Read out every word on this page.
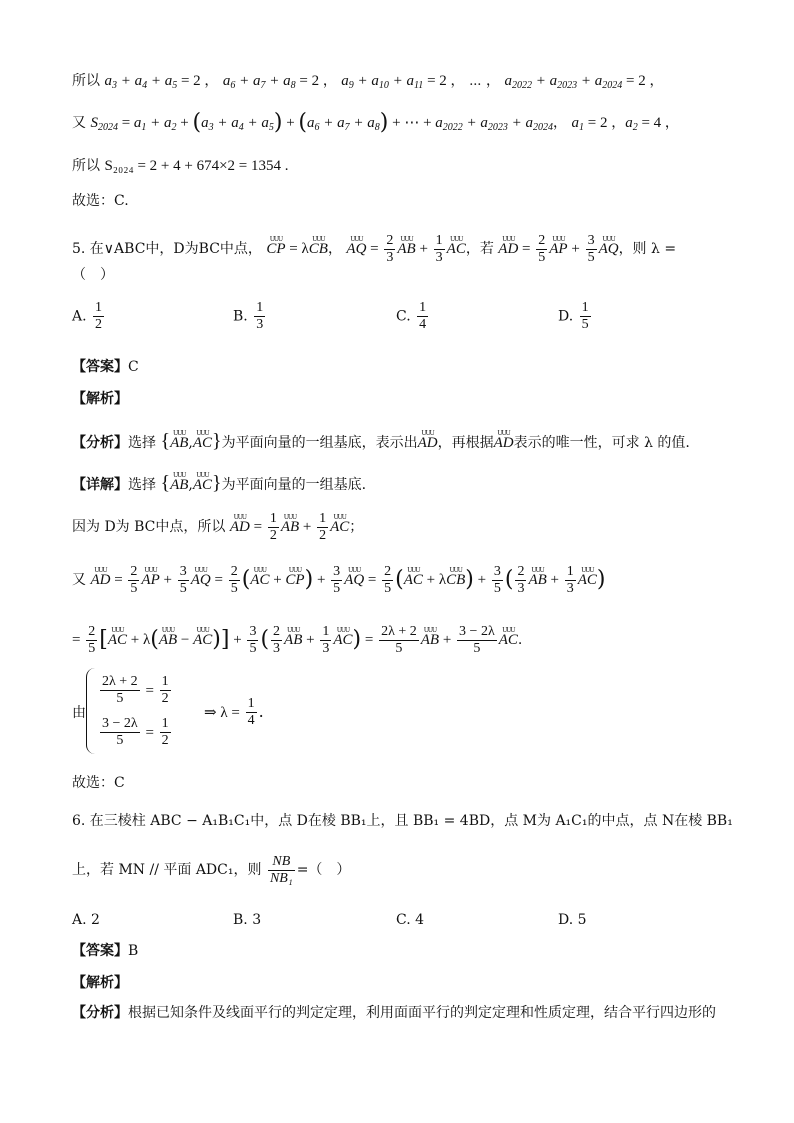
所以 $a_3 + a_4 + a_5 = 2$ ， $a_6 + a_7 + a_8 = 2$ ， $a_9 + a_{10} + a_{11} = 2$ ， ⋯ ， $a_{2022} + a_{2023} + a_{2024} = 2$ ，
又 $S_{2024} = a_1 + a_2 + (a_3 + a_4 + a_5) + (a_6 + a_7 + a_8)$ + ⋯ + $a_{2022} + a_{2023} + a_{2024}$， $a_1 = 2$ ，$a_2 = 4$ ，
所以 S₂₀₂₄ = 2 + 4 + 674×2 = 1354 .
故选：C.
5. 在∨ABC中，D为BC中点， UUU CP = λUUU CB， UUU AQ = $\frac{2}{3}$ UUU AB + $\frac{1}{3}$ UUU AC，若 UUU AD = $\frac{2}{5}$ UUU AP + $\frac{3}{5}$ UUU AQ，则 λ =
（　）
A. $\frac{1}{2}$	B. $\frac{1}{3}$	C. $\frac{1}{4}$	D. $\frac{1}{5}$
【答案】C
【解析】
【分析】选择 {UUU AB,UUU AC}为平面向量的一组基底，表示出UUU AD，再根据UUU AD表示的唯一性，可求 λ 的值.
【详解】选择 {UUU AB,UUU AC}为平面向量的一组基底.
因为 D为 BC中点，所以 UUU AD = $\frac{1}{2}$ UUU AB + $\frac{1}{2}$ UUU AC；
又 UUU AD = $\frac{2}{5}$ UUU AP + $\frac{3}{5}$ UUU AQ = $\frac{2}{5} (UUU$ AC + UUU $CP) + \frac{3}{5}$ UUU AQ = $\frac{2}{5} (UUU$ AC + λUUU $CB) + \frac{3}{5}$ ( $\frac{2}{3}$ UUU AB + $\frac{1}{3}$ UUU AC)
= $\frac{2}{5} [UUU$ AC + λ(UUU AB − UUU $AC)] + \frac{3}{5}$ ( $\frac{2}{3}$ UUU AB + $\frac{1}{3}$ UUU $AC) = \frac{2\lambda + 2}{5}$ UUU AB + $\frac{3 - 2\lambda}{5}$ UUU AC.
由
$\frac{2\lambda + 2}{5} = \frac{1}{2}$
$\frac{3 - 2\lambda}{5} = \frac{1}{2}$
⇒ $\lambda = \frac{1}{4}$ .
故选：C
6. 在三棱柱 ABC − A₁B₁C₁中，点 D在棱 BB₁上，且 BB₁ = 4BD，点 M为 A₁C₁的中点，点 N在棱 BB₁
上，若 MN // 平面 ADC₁，则 $\frac{NB}{\text{NB₁}}$ =（　）
A. 2	B. 3	C. 4	D. 5
【答案】B
【解析】
【分析】根据已知条件及线面平行的判定定理，利用面面平行的判定定理和性质定理，结合平行四边形的
